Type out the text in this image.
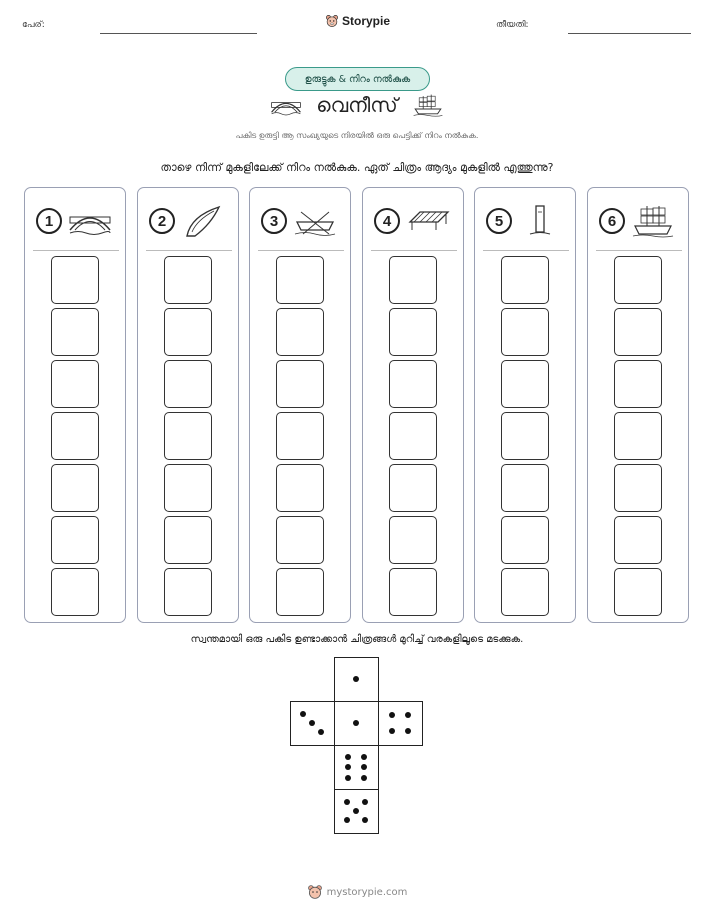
പേര്:	Storypie	തീയതി:
ഉരുട്ടുക & നിറം നൽകുക
വെനീസ്
പകിട ഉരുട്ടി ആ സംഖ്യയുടെ നിരയിൽ ഒരു പെട്ടിക്ക് നിറം നൽകുക.
താഴെ നിന്ന് മുകളിലേക്ക് നിറം നൽകുക. ഏത് ചിത്രം ആദ്യം മുകളിൽ എത്തുന്നു?
1	2	3	4	5	6
സ്വന്തമായി ഒരു പകിട ഉണ്ടാക്കാൻ ചിത്രങ്ങൾ മുറിച്ച് വരകളിലൂടെ മടക്കുക.
mystorypie.com
